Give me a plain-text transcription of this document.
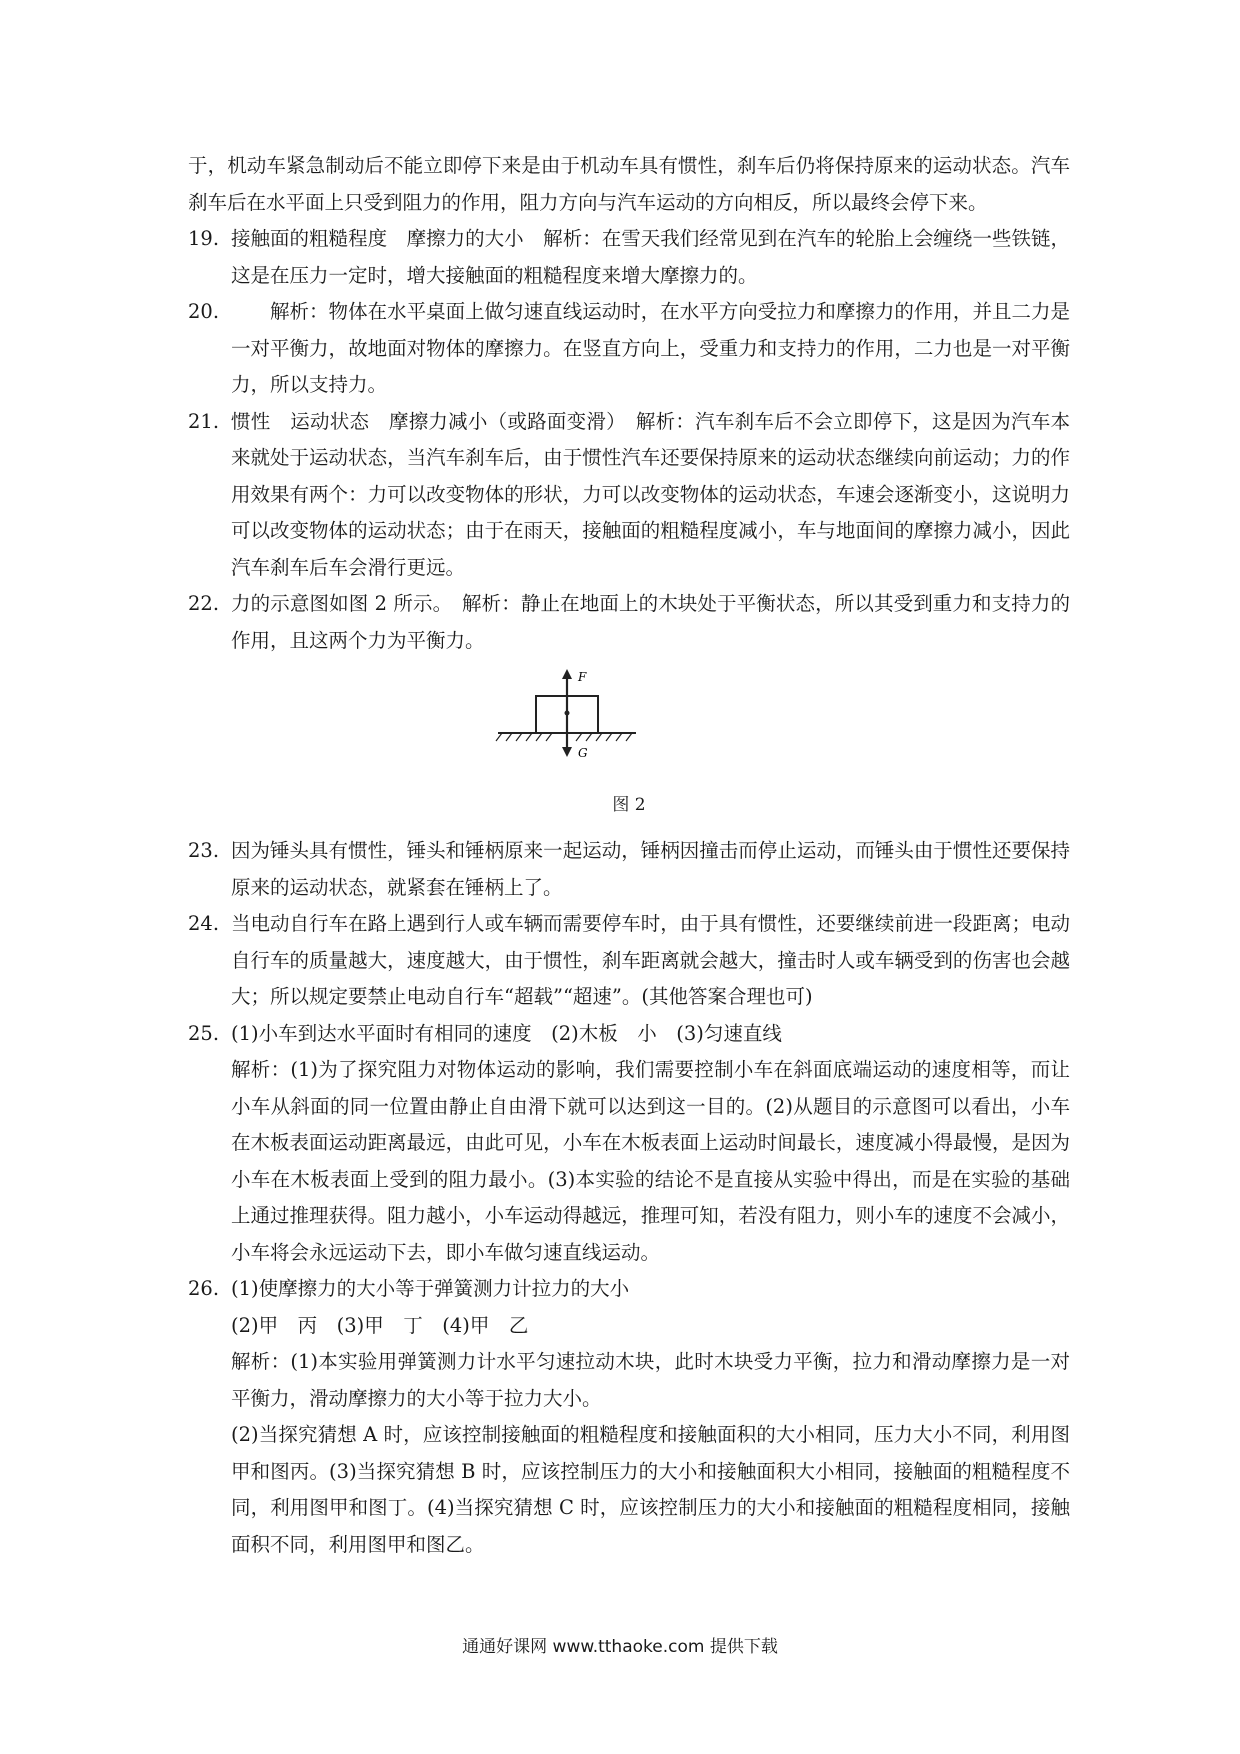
于，机动车紧急制动后不能立即停下来是由于机动车具有惯性，刹车后仍将保持原来的运动状态。汽车刹车后在水平面上只受到阻力的作用，阻力方向与汽车运动的方向相反，所以最终会停下来。

19. 接触面的粗糙程度　摩擦力的大小　解析：在雪天我们经常见到在汽车的轮胎上会缠绕一些铁链，这是在压力一定时，增大接触面的粗糙程度来增大摩擦力的。
20. 　　解析：物体在水平桌面上做匀速直线运动时，在水平方向受拉力和摩擦力的作用，并且二力是一对平衡力，故地面对物体的摩擦力。在竖直方向上，受重力和支持力的作用，二力也是一对平衡力，所以支持力。
21. 惯性　运动状态　摩擦力减小（或路面变滑）　解析：汽车刹车后不会立即停下，这是因为汽车本来就处于运动状态，当汽车刹车后，由于惯性汽车还要保持原来的运动状态继续向前运动；力的作用效果有两个：力可以改变物体的形状，力可以改变物体的运动状态，车速会逐渐变小，这说明力可以改变物体的运动状态；由于在雨天，接触面的粗糙程度减小，车与地面间的摩擦力减小，因此汽车刹车后车会滑行更远。
22. 力的示意图如图 2 所示。　解析：静止在地面上的木块处于平衡状态，所以其受到重力和支持力的作用，且这两个力为平衡力。
F
G
图 2
23. 因为锤头具有惯性，锤头和锤柄原来一起运动，锤柄因撞击而停止运动，而锤头由于惯性还要保持原来的运动状态，就紧套在锤柄上了。
24. 当电动自行车在路上遇到行人或车辆而需要停车时，由于具有惯性，还要继续前进一段距离；电动自行车的质量越大，速度越大，由于惯性，刹车距离就会越大，撞击时人或车辆受到的伤害也会越大；所以规定要禁止电动自行车“超载”“超速”。(其他答案合理也可)
25. (1)小车到达水平面时有相同的速度　(2)木板　小　(3)匀速直线
解析：(1)为了探究阻力对物体运动的影响，我们需要控制小车在斜面底端运动的速度相等，而让小车从斜面的同一位置由静止自由滑下就可以达到这一目的。(2)从题目的示意图可以看出，小车在木板表面运动距离最远，由此可见，小车在木板表面上运动时间最长，速度减小得最慢，是因为小车在木板表面上受到的阻力最小。(3)本实验的结论不是直接从实验中得出，而是在实验的基础上通过推理获得。阻力越小，小车运动得越远，推理可知，若没有阻力，则小车的速度不会减小，小车将会永远运动下去，即小车做匀速直线运动。
26. (1)使摩擦力的大小等于弹簧测力计拉力的大小
(2)甲　丙　(3)甲　丁　(4)甲　乙
解析：(1)本实验用弹簧测力计水平匀速拉动木块，此时木块受力平衡，拉力和滑动摩擦力是一对平衡力，滑动摩擦力的大小等于拉力大小。
(2)当探究猜想 A 时，应该控制接触面的粗糙程度和接触面积的大小相同，压力大小不同，利用图甲和图丙。(3)当探究猜想 B 时，应该控制压力的大小和接触面积大小相同，接触面的粗糙程度不同，利用图甲和图丁。(4)当探究猜想 C 时，应该控制压力的大小和接触面的粗糙程度相同，接触面积不同，利用图甲和图乙。
通通好课网 www.tthaoke.com 提供下载
